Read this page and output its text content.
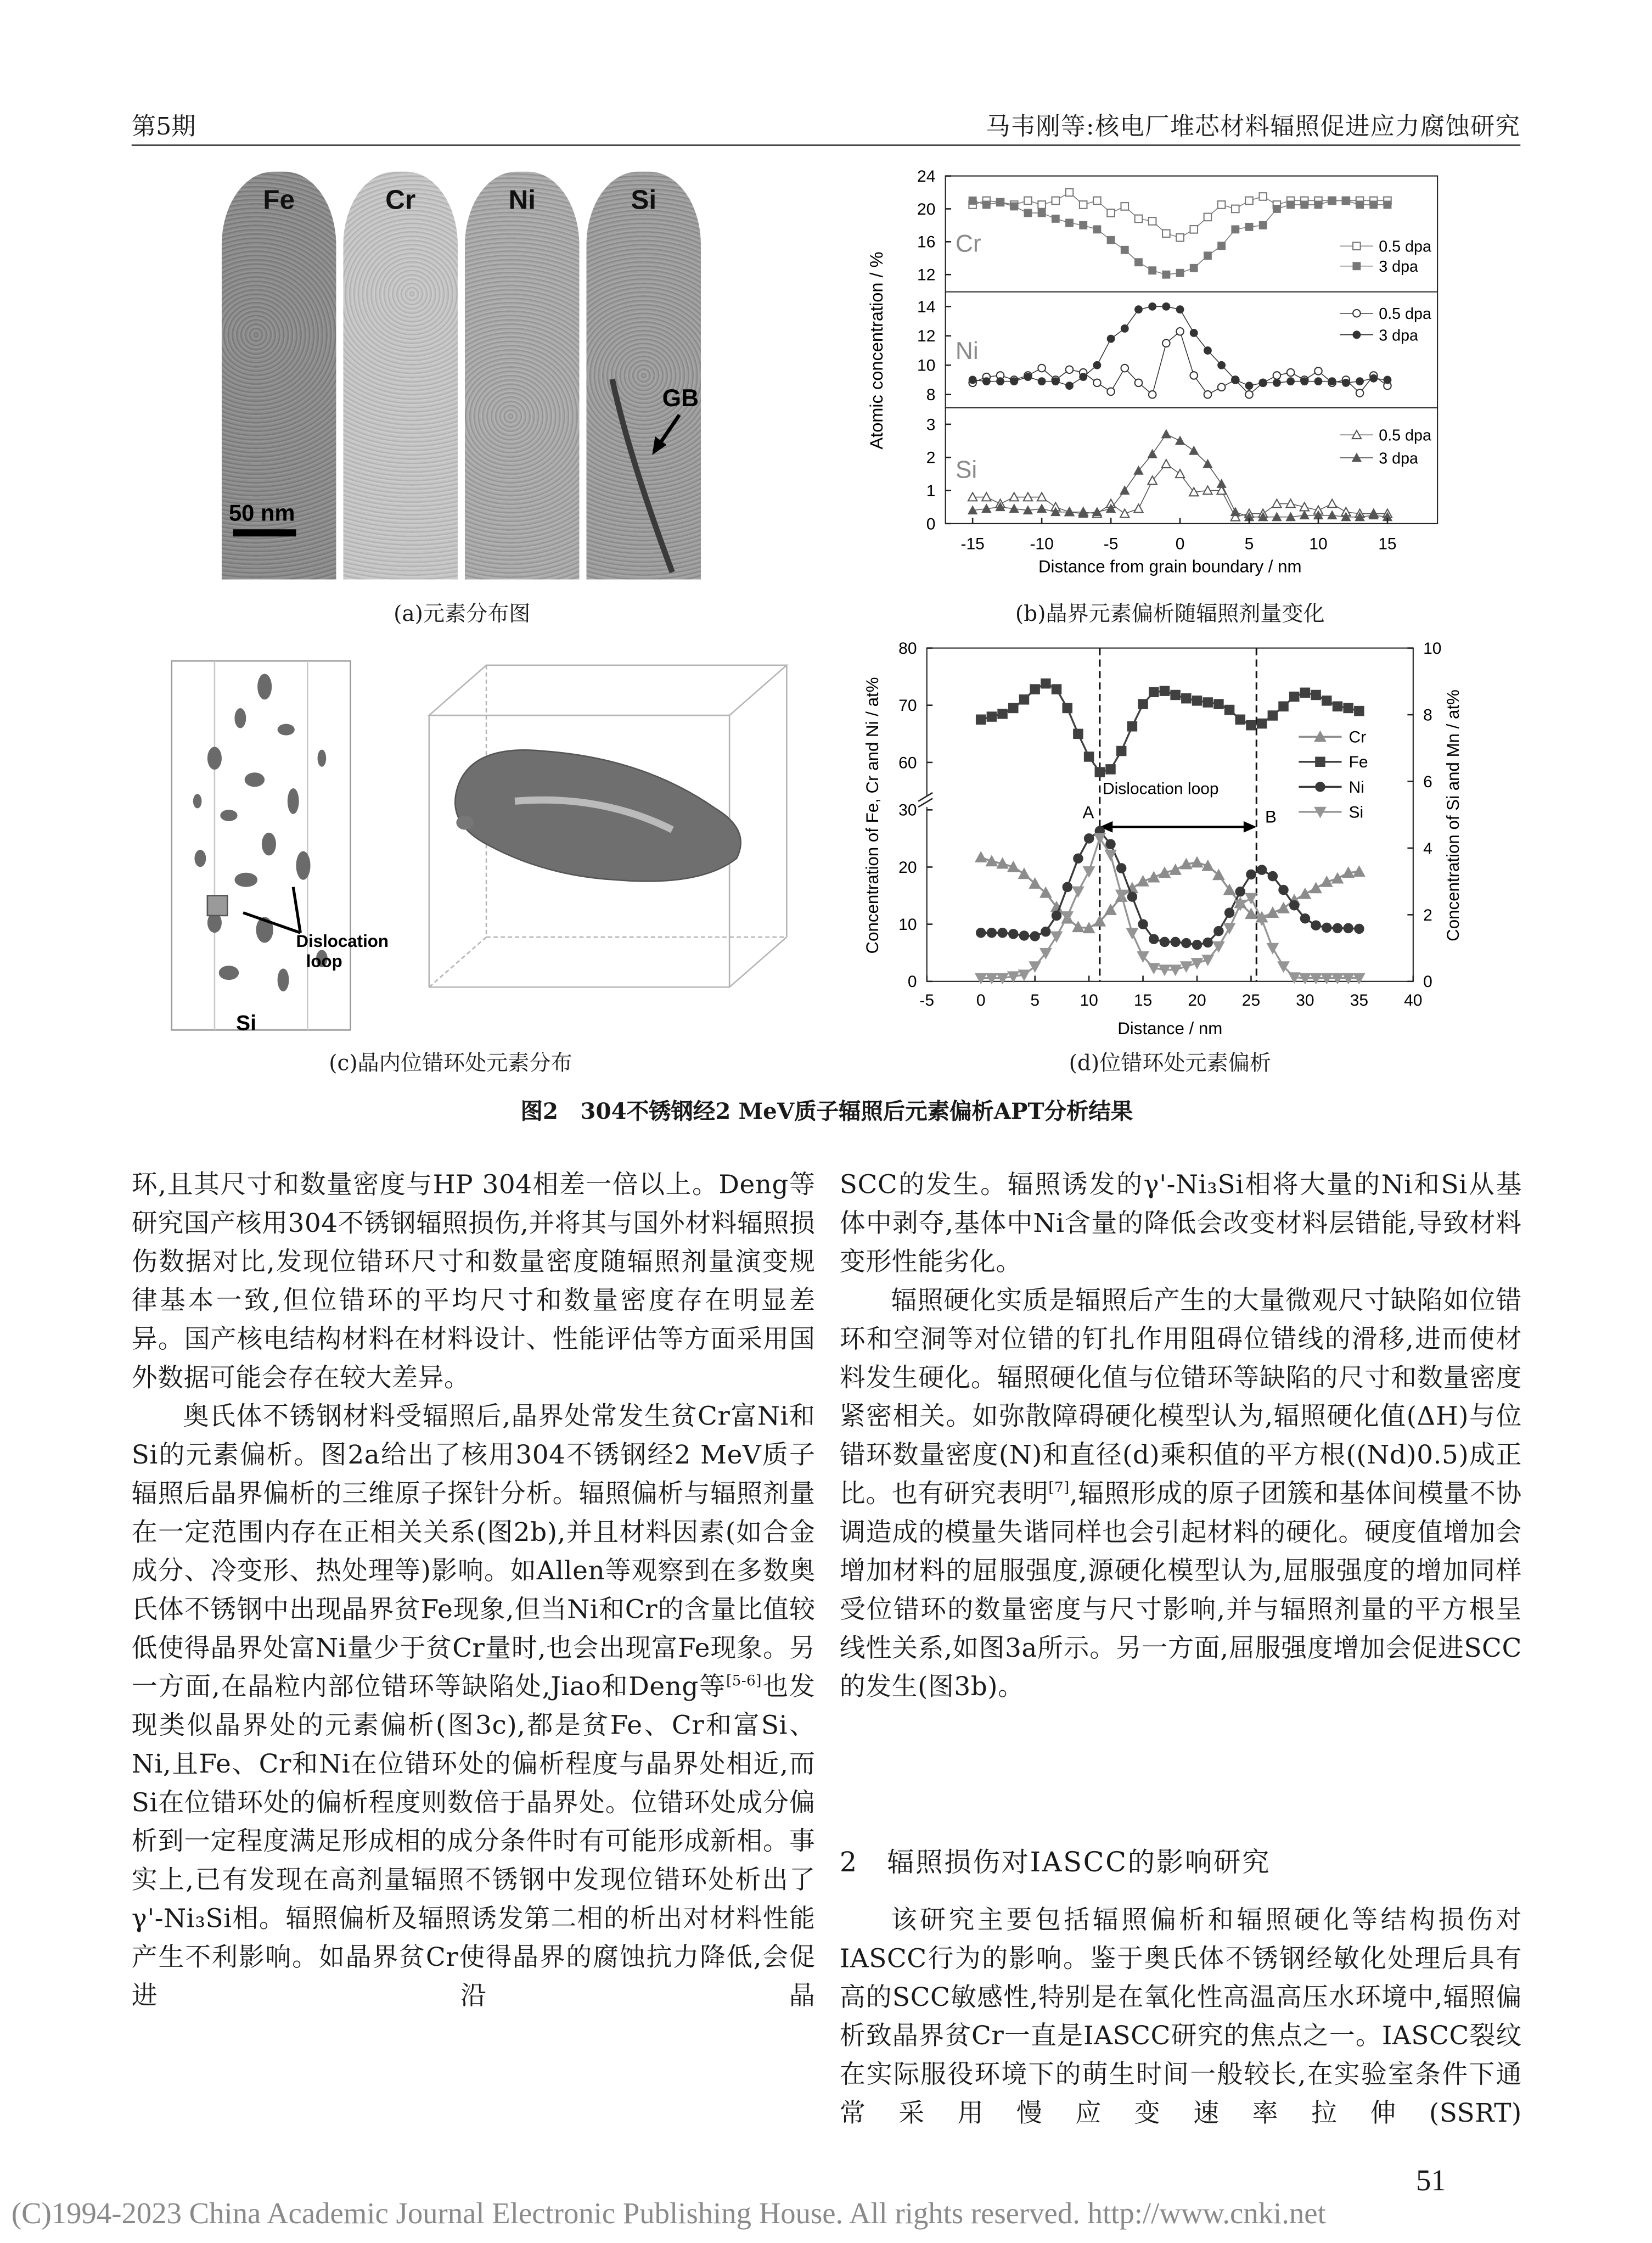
第5期	马韦刚等:核电厂堆芯材料辐照促进应力腐蚀研究
Fe	Cr	Ni	Si
GB
50 nm
(a)元素分布图
12
16
20
24
Cr	0.5 dpa
3 dpa
8
10
12
14
Ni
0.5 dpa
3 dpa
0
1
2
3
Si
0.5 dpa
3 dpa
-15	-10	-5	0	5	10	15
Distance from grain boundary / nm
Atomic concentration / %
(b)晶界元素偏析随辐照剂量变化
Dislocation
loop
Si
(c)晶内位错环处元素分布
0
10
20
30
60
70
80
0
2
4
6
8
10
-5	0	5	10	15	20	25	30	35	40
Distance / nm
Concentration of Fe, Cr and Ni / at%	Concentration of Si and Mn / at%
Dislocation loop
A	B
Cr
Fe
Ni
Si
(d)位错环处元素偏析
图2　304不锈钢经2 MeV质子辐照后元素偏析APT分析结果

环,且其尺寸和数量密度与HP 304相差一倍以上。Deng等研究国产核用304不锈钢辐照损伤,并将其与国外材料辐照损伤数据对比,发现位错环尺寸和数量密度随辐照剂量演变规律基本一致,但位错环的平均尺寸和数量密度存在明显差异。国产核电结构材料在材料设计、性能评估等方面采用国外数据可能会存在较大差异。

奥氏体不锈钢材料受辐照后,晶界处常发生贫Cr富Ni和Si的元素偏析。图2a给出了核用304不锈钢经2 MeV质子辐照后晶界偏析的三维原子探针分析。辐照偏析与辐照剂量在一定范围内存在正相关关系(图2b),并且材料因素(如合金成分、冷变形、热处理等)影响。如Allen等观察到在多数奥氏体不锈钢中出现晶界贫Fe现象,但当Ni和Cr的含量比值较低使得晶界处富Ni量少于贫Cr量时,也会出现富Fe现象。另一方面,在晶粒内部位错环等缺陷处,Jiao和Deng等[5-6]也发现类似晶界处的元素偏析(图3c),都是贫Fe、Cr和富Si、Ni,且Fe、Cr和Ni在位错环处的偏析程度与晶界处相近,而Si在位错环处的偏析程度则数倍于晶界处。位错环处成分偏析到一定程度满足形成相的成分条件时有可能形成新相。事实上,已有发现在高剂量辐照不锈钢中发现位错环处析出了γ'-Ni₃Si相。辐照偏析及辐照诱发第二相的析出对材料性能产生不利影响。如晶界贫Cr使得晶界的腐蚀抗力降低,会促进沿晶

SCC的发生。辐照诱发的γ'-Ni₃Si相将大量的Ni和Si从基体中剥夺,基体中Ni含量的降低会改变材料层错能,导致材料变形性能劣化。

辐照硬化实质是辐照后产生的大量微观尺寸缺陷如位错环和空洞等对位错的钉扎作用阻碍位错线的滑移,进而使材料发生硬化。辐照硬化值与位错环等缺陷的尺寸和数量密度紧密相关。如弥散障碍硬化模型认为,辐照硬化值(ΔH)与位错环数量密度(N)和直径(d)乘积值的平方根((Nd)0.5)成正比。也有研究表明[7],辐照形成的原子团簇和基体间模量不协调造成的模量失谐同样也会引起材料的硬化。硬度值增加会增加材料的屈服强度,源硬化模型认为,屈服强度的增加同样受位错环的数量密度与尺寸影响,并与辐照剂量的平方根呈线性关系,如图3a所示。另一方面,屈服强度增加会促进SCC的发生(图3b)。

2　辐照损伤对IASCC的影响研究
该研究主要包括辐照偏析和辐照硬化等结构损伤对IASCC行为的影响。鉴于奥氏体不锈钢经敏化处理后具有高的SCC敏感性,特别是在氧化性高温高压水环境中,辐照偏析致晶界贫Cr一直是IASCC研究的焦点之一。IASCC裂纹在实际服役环境下的萌生时间一般较长,在实验室条件下通常采用慢应变速率拉伸(SSRT)
51
(C)1994-2023 China Academic Journal Electronic Publishing House. All rights reserved. http://www.cnki.net
